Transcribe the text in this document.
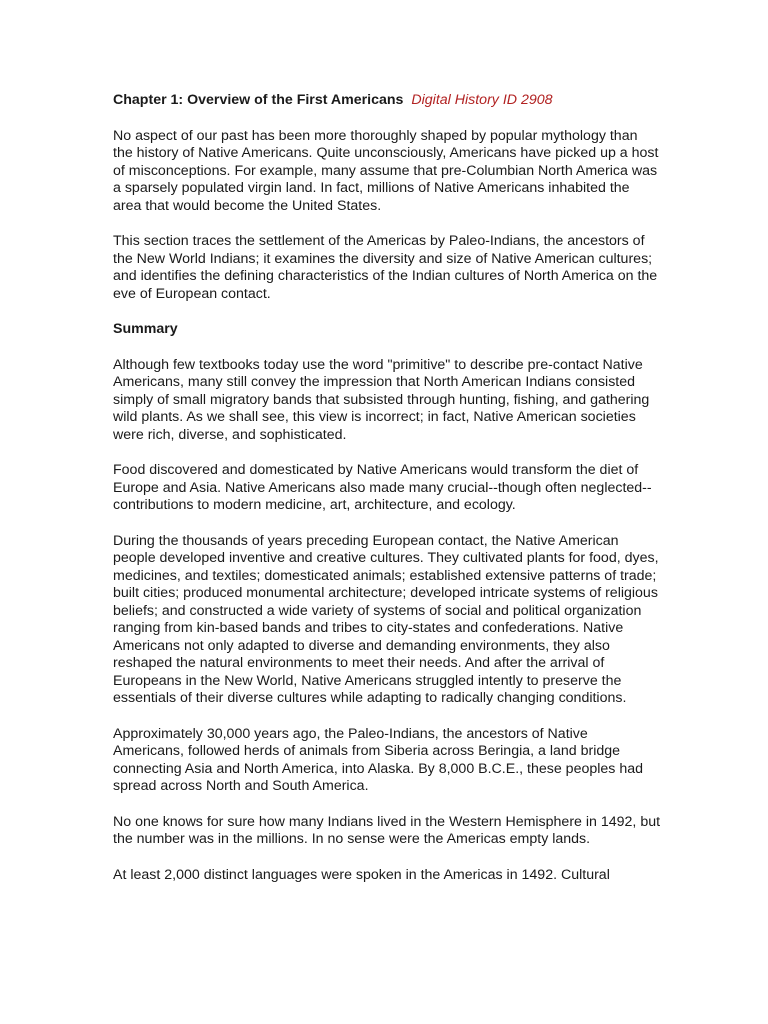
Chapter 1: Overview of the First Americans Digital History ID 2908

No aspect of our past has been more thoroughly shaped by popular mythology than the history of Native Americans. Quite unconsciously, Americans have picked up a host of misconceptions. For example, many assume that pre-Columbian North America was a sparsely populated virgin land. In fact, millions of Native Americans inhabited the area that would become the United States.

This section traces the settlement of the Americas by Paleo-Indians, the ancestors of the New World Indians; it examines the diversity and size of Native American cultures; and identifies the defining characteristics of the Indian cultures of North America on the eve of European contact.

Summary

Although few textbooks today use the word "primitive" to describe pre-contact Native Americans, many still convey the impression that North American Indians consisted simply of small migratory bands that subsisted through hunting, fishing, and gathering wild plants. As we shall see, this view is incorrect; in fact, Native American societies were rich, diverse, and sophisticated.

Food discovered and domesticated by Native Americans would transform the diet of Europe and Asia. Native Americans also made many crucial--though often neglected--contributions to modern medicine, art, architecture, and ecology.

During the thousands of years preceding European contact, the Native American people developed inventive and creative cultures. They cultivated plants for food, dyes, medicines, and textiles; domesticated animals; established extensive patterns of trade; built cities; produced monumental architecture; developed intricate systems of religious beliefs; and constructed a wide variety of systems of social and political organization ranging from kin-based bands and tribes to city-states and confederations. Native Americans not only adapted to diverse and demanding environments, they also reshaped the natural environments to meet their needs. And after the arrival of Europeans in the New World, Native Americans struggled intently to preserve the essentials of their diverse cultures while adapting to radically changing conditions.

Approximately 30,000 years ago, the Paleo-Indians, the ancestors of Native Americans, followed herds of animals from Siberia across Beringia, a land bridge connecting Asia and North America, into Alaska. By 8,000 B.C.E., these peoples had spread across North and South America.

No one knows for sure how many Indians lived in the Western Hemisphere in 1492, but the number was in the millions. In no sense were the Americas empty lands.

At least 2,000 distinct languages were spoken in the Americas in 1492. Cultural
